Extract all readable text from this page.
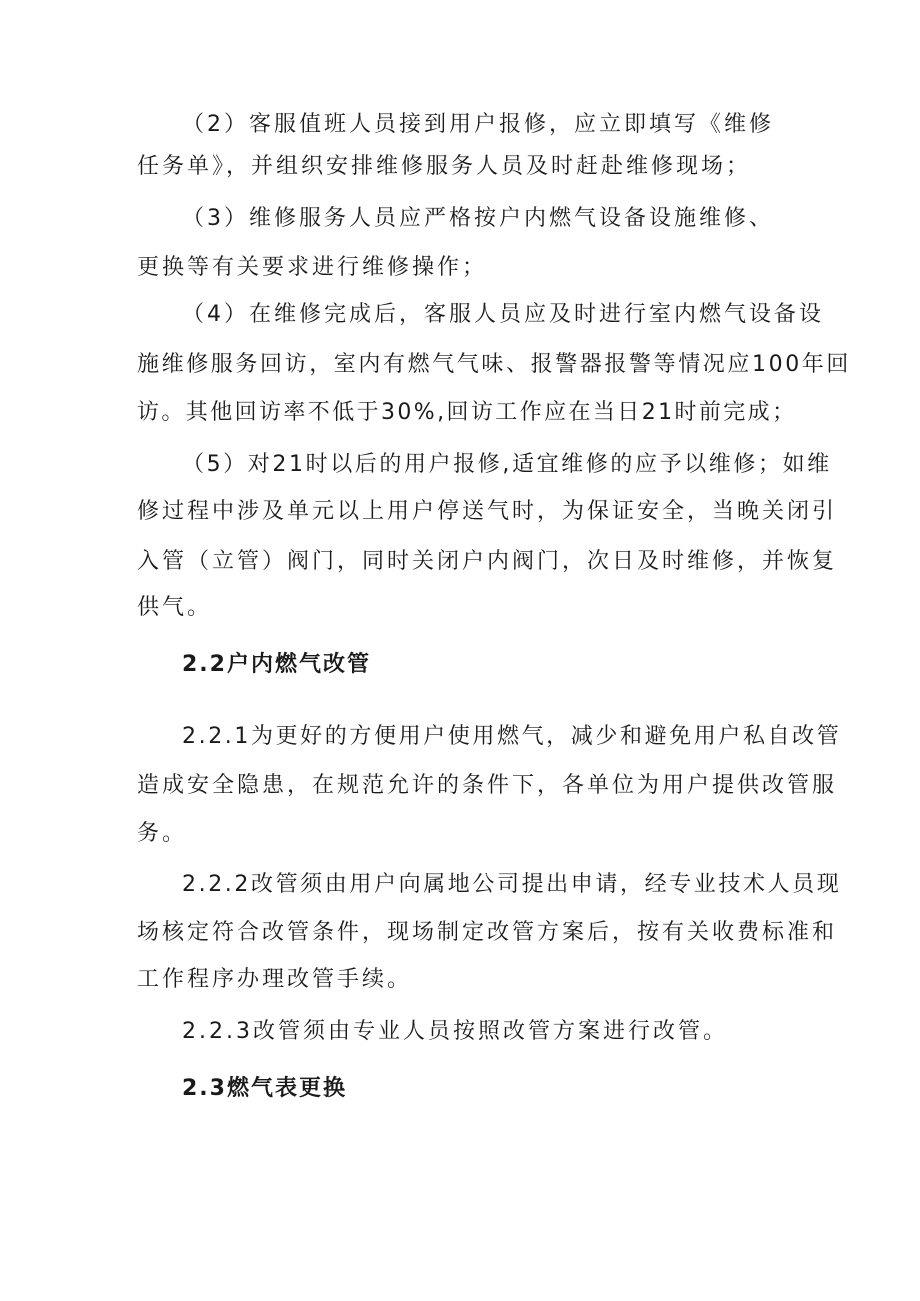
（2）客服值班人员接到用户报修，应立即填写《维修
任务单》，并组织安排维修服务人员及时赶赴维修现场；
（3）维修服务人员应严格按户内燃气设备设施维修、
更换等有关要求进行维修操作；
（4）在维修完成后，客服人员应及时进行室内燃气设备设
施维修服务回访，室内有燃气气味、报警器报警等情况应100年回
访。其他回访率不低于30%,回访工作应在当日21时前完成；
（5）对21时以后的用户报修,适宜维修的应予以维修；如维
修过程中涉及单元以上用户停送气时，为保证安全，当晚关闭引
入管（立管）阀门，同时关闭户内阀门，次日及时维修，并恢复
供气。
2.2户内燃气改管
2.2.1为更好的方便用户使用燃气，减少和避免用户私自改管
造成安全隐患，在规范允许的条件下，各单位为用户提供改管服
务。
2.2.2改管须由用户向属地公司提出申请，经专业技术人员现
场核定符合改管条件，现场制定改管方案后，按有关收费标准和
工作程序办理改管手续。
2.2.3改管须由专业人员按照改管方案进行改管。
2.3燃气表更换
